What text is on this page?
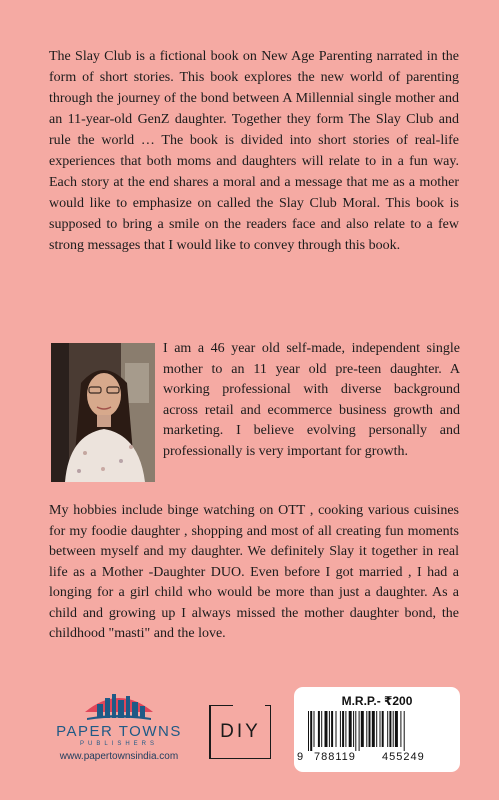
The Slay Club is a fictional book on New Age Parenting narrated in the form of short stories. This book explores the new world of parenting through the journey of the bond between A Millennial single mother and an 11-year-old GenZ daughter. Together they form The Slay Club and rule the world … The book is divided into short stories of real-life experiences that both moms and daughters will relate to in a fun way. Each story at the end shares a moral and a message that me as a mother would like to emphasize on called the Slay Club Moral. This book is supposed to bring a smile on the readers face and also relate to a few strong messages that I would like to convey through this book.

I am a 46 year old self-made, independent single mother to an 11 year old pre-teen daughter. A working professional with diverse background across retail and ecommerce business growth and marketing. I believe evolving personally and professionally is very important for growth.

My hobbies include binge watching on OTT , cooking various cuisines for my foodie daughter , shopping and most of all creating fun moments between myself and my daughter. We definitely Slay it together in real life as a Mother -Daughter DUO. Even before I got married , I had a longing for a girl child who would be more than just a daughter. As a child and growing up I always missed the mother daughter bond, the childhood "masti" and the love.

PAPER TOWNS
PUBLISHERS
www.papertownsindia.com
DIY
M.R.P.- ₹200
9 788119 455249
